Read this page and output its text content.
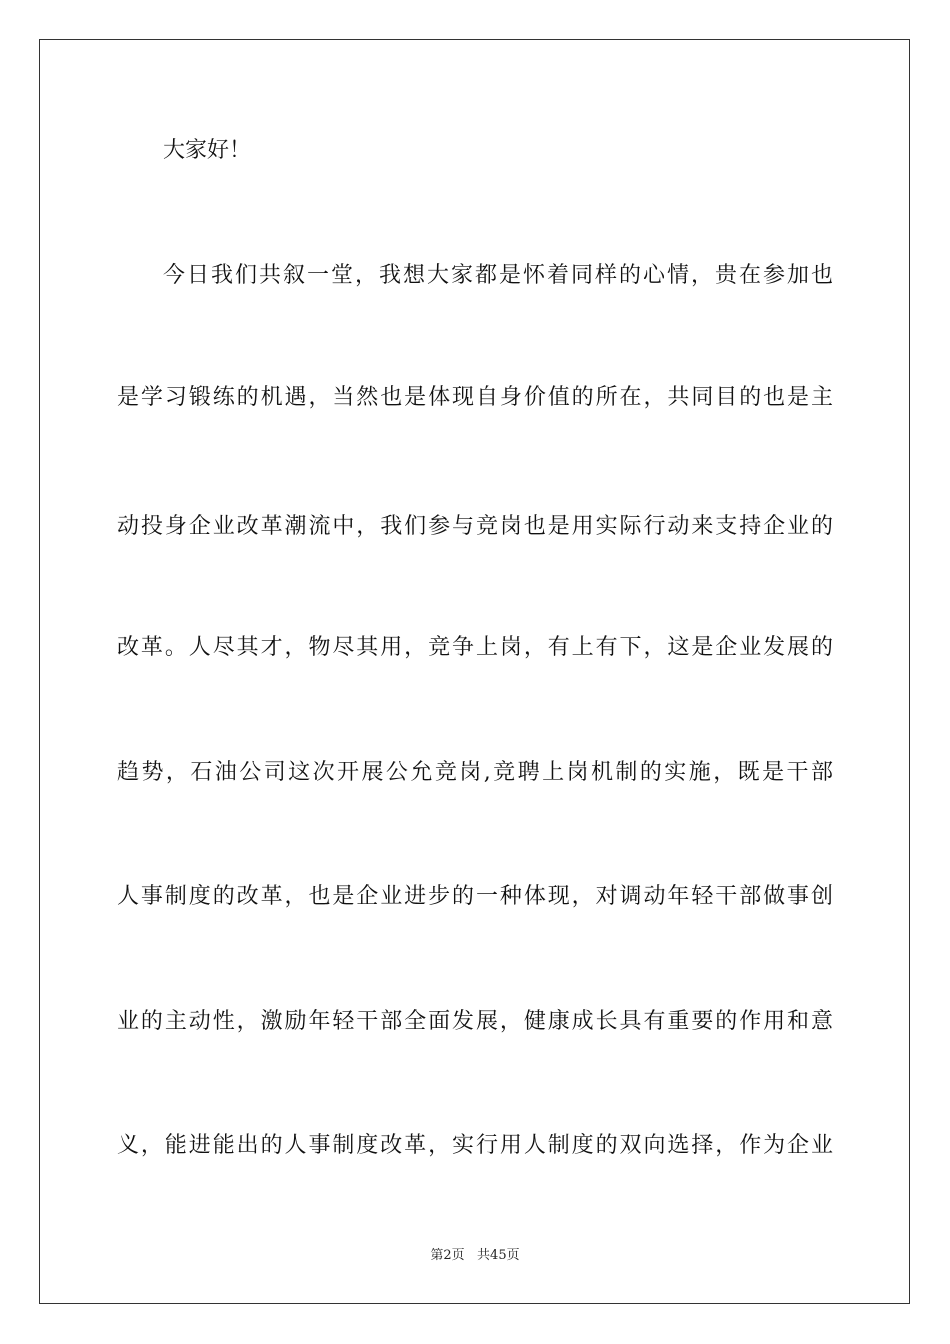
大家好！
今日我们共叙一堂，我想大家都是怀着同样的心情，贵在参加也
是学习锻练的机遇，当然也是体现自身价值的所在，共同目的也是主
动投身企业改革潮流中，我们参与竞岗也是用实际行动来支持企业的
改革。人尽其才，物尽其用，竞争上岗，有上有下，这是企业发展的
趋势，石油公司这次开展公允竞岗,竞聘上岗机制的实施，既是干部
人事制度的改革，也是企业进步的一种体现，对调动年轻干部做事创
业的主动性，激励年轻干部全面发展，健康成长具有重要的作用和意
义，能进能出的人事制度改革，实行用人制度的双向选择，作为企业
第2页   共45页
